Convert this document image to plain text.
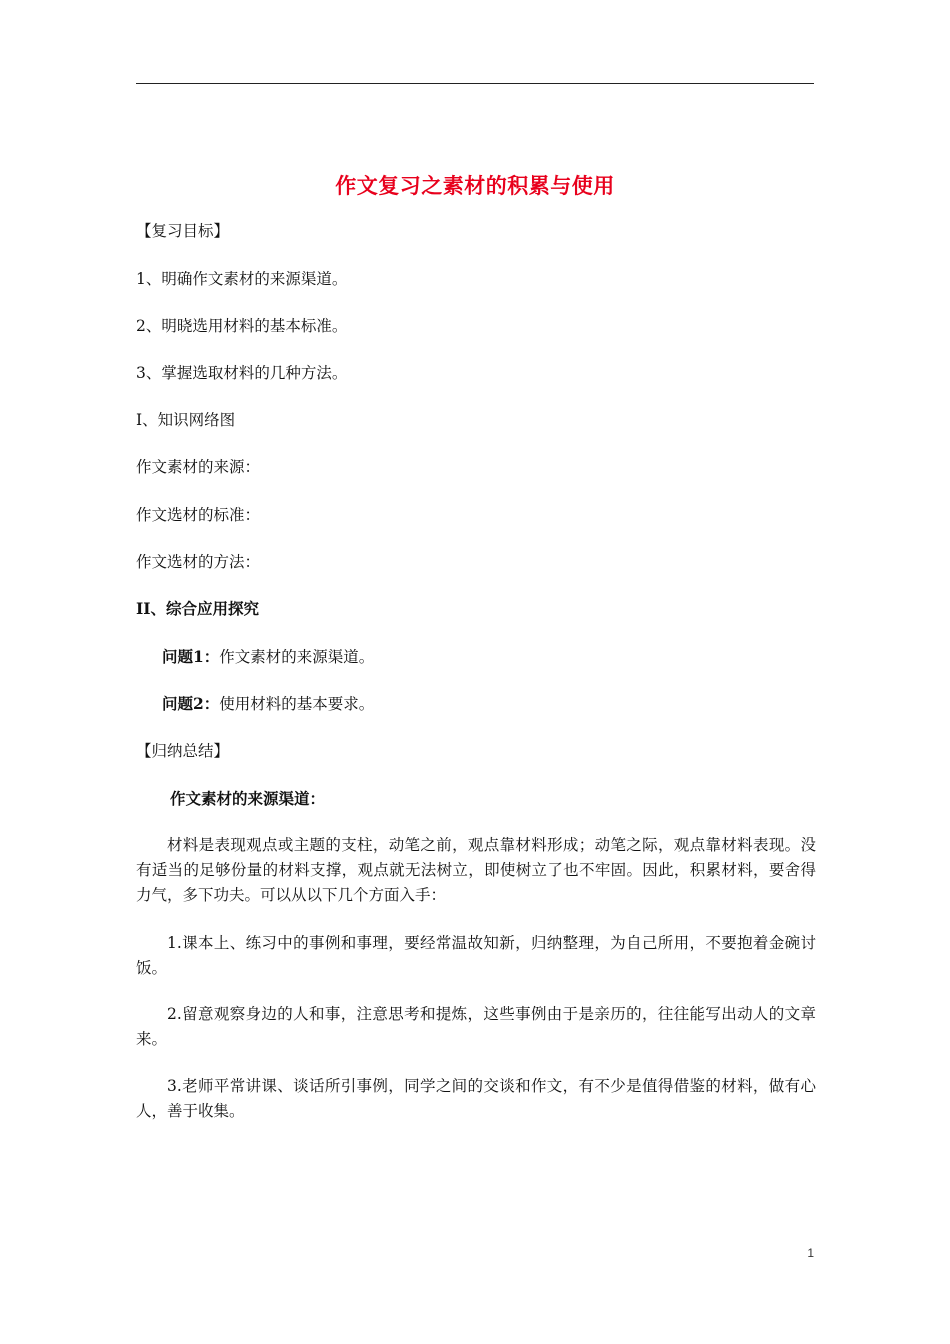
作文复习之素材的积累与使用
【复习目标】
1、明确作文素材的来源渠道。
2、明晓选用材料的基本标准。
3、掌握选取材料的几种方法。
I、知识网络图
作文素材的来源：
作文选材的标准：
作文选材的方法：
II、综合应用探究
问题1：作文素材的来源渠道。
问题2：使用材料的基本要求。
【归纳总结】
作文素材的来源渠道：
材料是表现观点或主题的支柱，动笔之前，观点靠材料形成；动笔之际，观点靠材料表现。没有适当的足够份量的材料支撑，观点就无法树立，即使树立了也不牢固。因此，积累材料，要舍得力气，多下功夫。可以从以下几个方面入手：
1.课本上、练习中的事例和事理，要经常温故知新，归纳整理，为自己所用，不要抱着金碗讨饭。
2.留意观察身边的人和事，注意思考和提炼，这些事例由于是亲历的，往往能写出动人的文章来。
3.老师平常讲课、谈话所引事例，同学之间的交谈和作文，有不少是值得借鉴的材料，做有心人，善于收集。
1
